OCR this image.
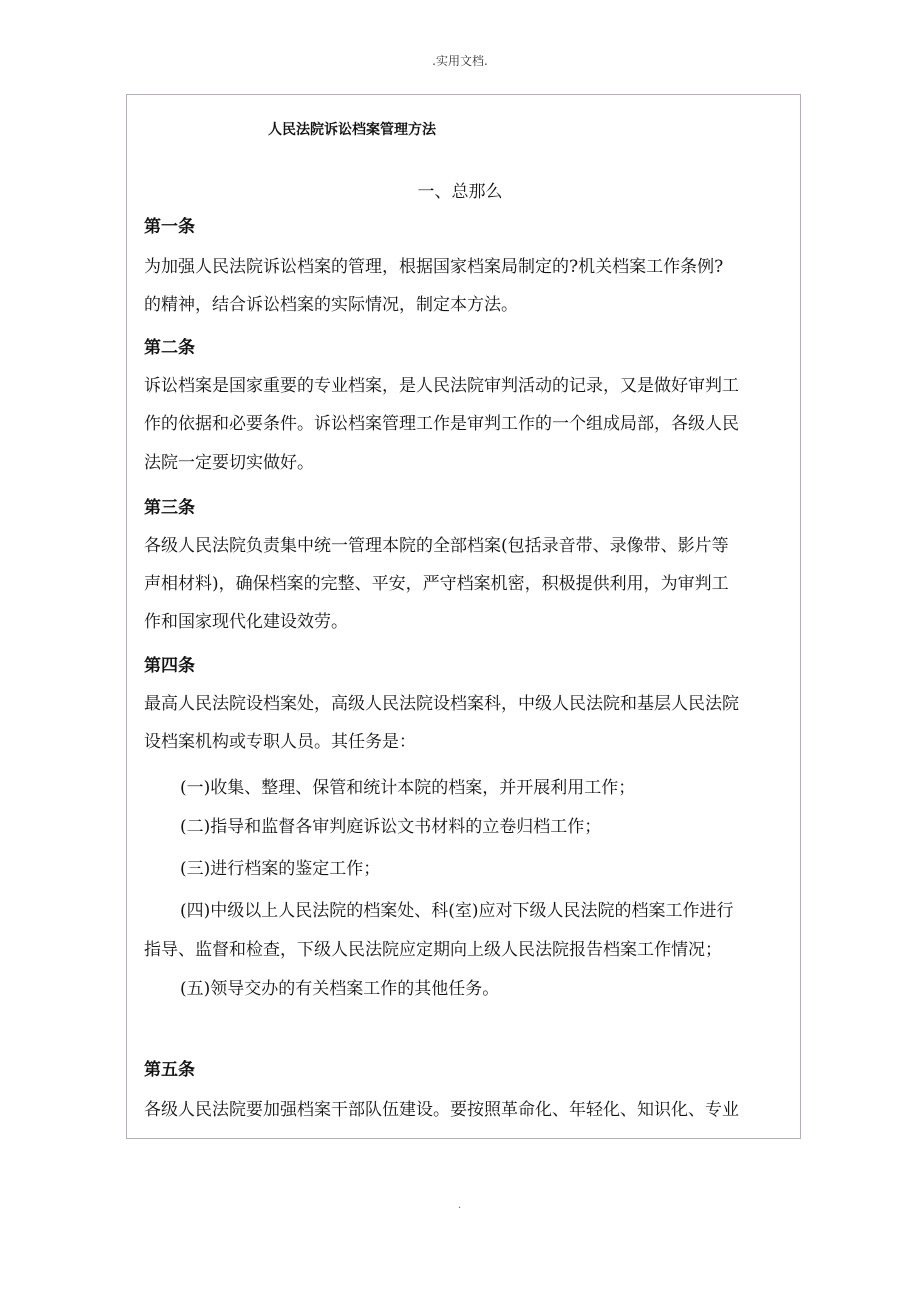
.实用文档.
人民法院诉讼档案管理方法
一、总那么
第一条
为加强人民法院诉讼档案的管理，根据国家档案局制定的?机关档案工作条例?
的精神，结合诉讼档案的实际情况，制定本方法。
第二条
诉讼档案是国家重要的专业档案，是人民法院审判活动的记录，又是做好审判工
作的依据和必要条件。诉讼档案管理工作是审判工作的一个组成局部，各级人民
法院一定要切实做好。
第三条
各级人民法院负责集中统一管理本院的全部档案(包括录音带、录像带、影片等
声相材料)，确保档案的完整、平安，严守档案机密，积极提供利用，为审判工
作和国家现代化建设效劳。
第四条
最高人民法院设档案处，高级人民法院设档案科，中级人民法院和基层人民法院
设档案机构或专职人员。其任务是：
(一)收集、整理、保管和统计本院的档案，并开展利用工作；
(二)指导和监督各审判庭诉讼文书材料的立卷归档工作；
(三)进行档案的鉴定工作；
(四)中级以上人民法院的档案处、科(室)应对下级人民法院的档案工作进行
指导、监督和检查，下级人民法院应定期向上级人民法院报告档案工作情况；
(五)领导交办的有关档案工作的其他任务。
第五条
各级人民法院要加强档案干部队伍建设。要按照革命化、年轻化、知识化、专业
.
